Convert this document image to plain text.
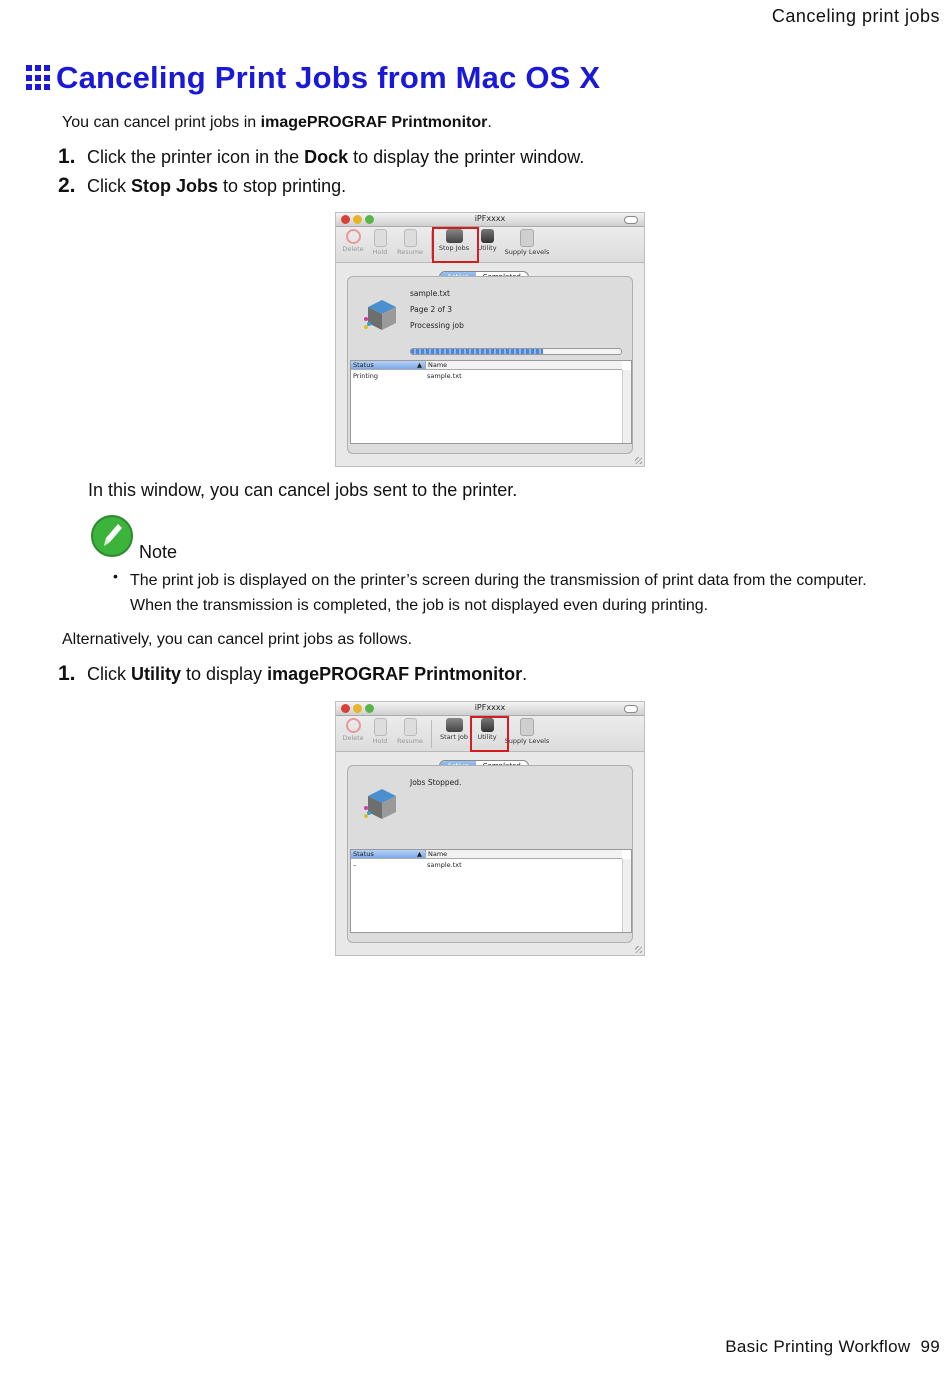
Canceling print jobs
Canceling Print Jobs from Mac OS X
You can cancel print jobs in imagePROGRAF Printmonitor.
1. Click the printer icon in the Dock to display the printer window.
2. Click Stop Jobs to stop printing.
iPFxxxx
Delete	Hold	Resume	Stop Jobs Utility	Supply Levels
sample.txt
Page 2 of 3
Processing job
Status	▲ Name
Printing	sample.txt
In this window, you can cancel jobs sent to the printer.
Note
• The print job is displayed on the printer’s screen during the transmission of print data from the computer. When the transmission is completed, the job is not displayed even during printing.
Alternatively, you can cancel print jobs as follows.
1. Click Utility to display imagePROGRAF Printmonitor.
iPFxxxx
Delete	Hold	Resume	Start Job	Utility	Supply Levels
Jobs Stopped.
Status	▲ Name
–	sample.txt
Basic Printing Workflow 99
